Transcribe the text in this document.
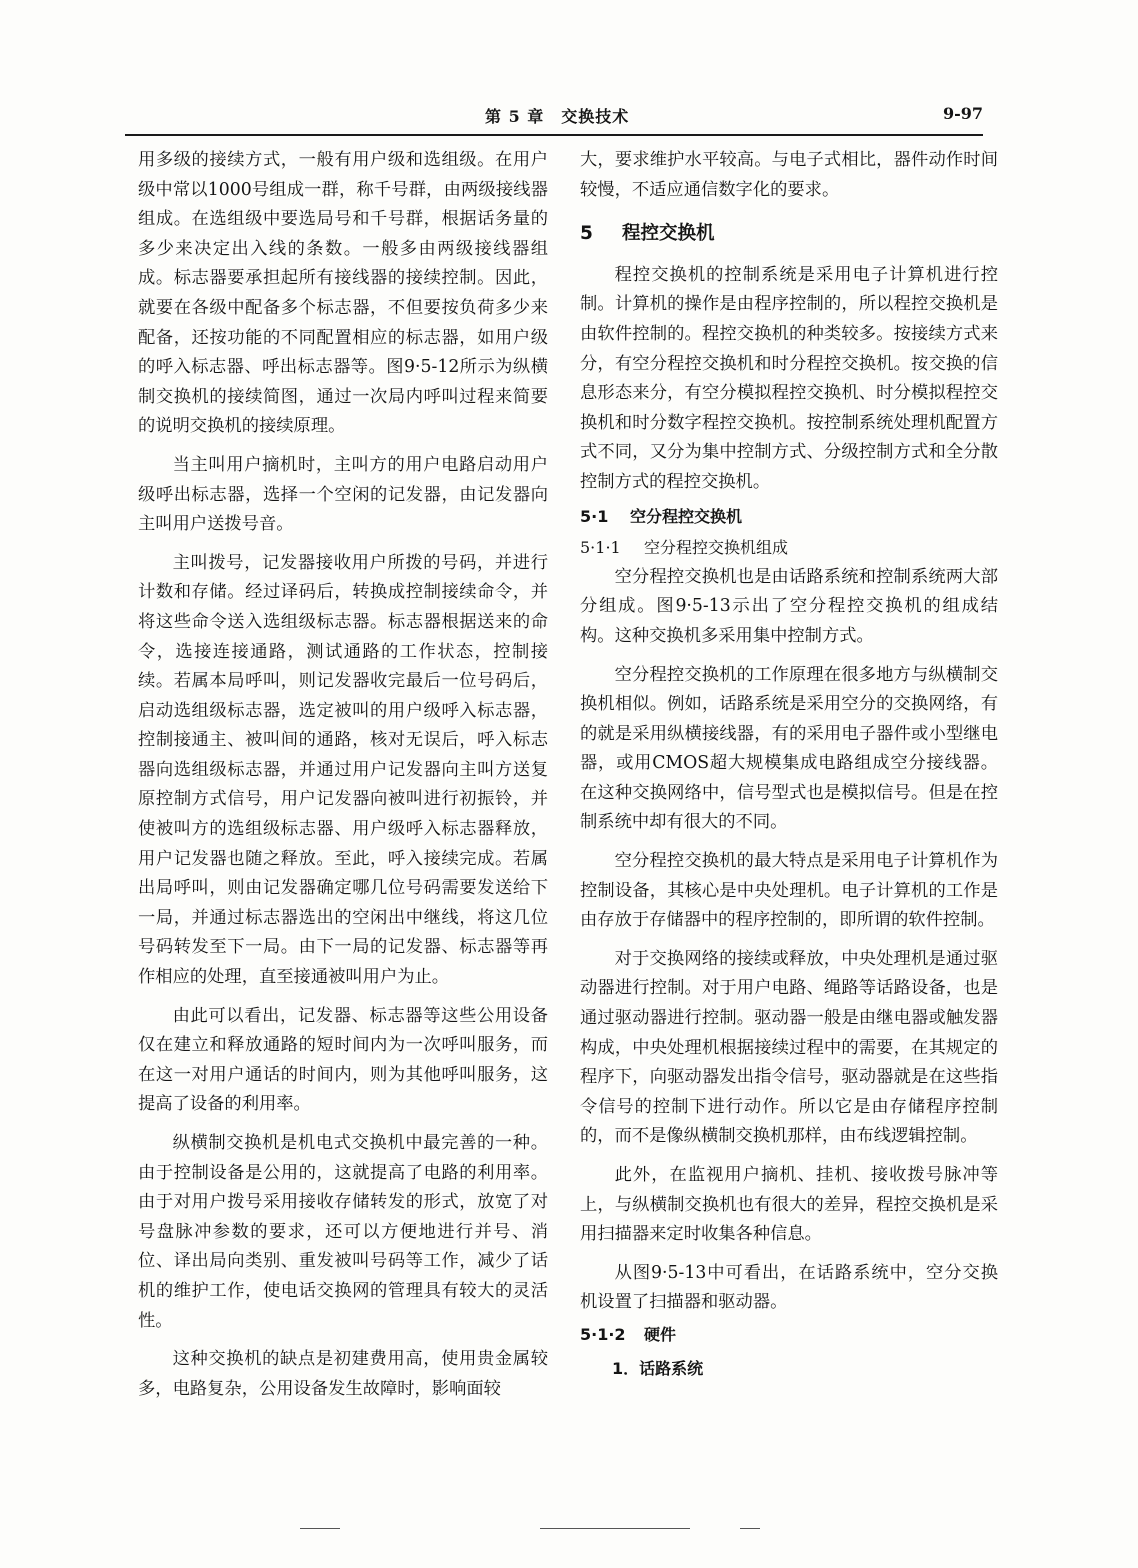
第 5 章　交换技术	9-97

用多级的接续方式，一般有用户级和选组级。在用户级中常以1000号组成一群，称千号群，由两级接线器组成。在选组级中要选局号和千号群，根据话务量的多少来决定出入线的条数。一般多由两级接线器组成。标志器要承担起所有接线器的接续控制。因此，就要在各级中配备多个标志器，不但要按负荷多少来配备，还按功能的不同配置相应的标志器，如用户级的呼入标志器、呼出标志器等。图9·5-12所示为纵横制交换机的接续简图，通过一次局内呼叫过程来简要的说明交换机的接续原理。

当主叫用户摘机时，主叫方的用户电路启动用户级呼出标志器，选择一个空闲的记发器，由记发器向主叫用户送拨号音。

主叫拨号，记发器接收用户所拨的号码，并进行计数和存储。经过译码后，转换成控制接续命令，并将这些命令送入选组级标志器。标志器根据送来的命令，选接连接通路，测试通路的工作状态，控制接续。若属本局呼叫，则记发器收完最后一位号码后，启动选组级标志器，选定被叫的用户级呼入标志器，控制接通主、被叫间的通路，核对无误后，呼入标志器向选组级标志器，并通过用户记发器向主叫方送复原控制方式信号，用户记发器向被叫进行初振铃，并使被叫方的选组级标志器、用户级呼入标志器释放，用户记发器也随之释放。至此，呼入接续完成。若属出局呼叫，则由记发器确定哪几位号码需要发送给下一局，并通过标志器选出的空闲出中继线，将这几位号码转发至下一局。由下一局的记发器、标志器等再作相应的处理，直至接通被叫用户为止。

由此可以看出，记发器、标志器等这些公用设备仅在建立和释放通路的短时间内为一次呼叫服务，而在这一对用户通话的时间内，则为其他呼叫服务，这提高了设备的利用率。

纵横制交换机是机电式交换机中最完善的一种。由于控制设备是公用的，这就提高了电路的利用率。由于对用户拨号采用接收存储转发的形式，放宽了对号盘脉冲参数的要求，还可以方便地进行并号、消位、译出局向类别、重发被叫号码等工作，减少了话机的维护工作，使电话交换网的管理具有较大的灵活性。

这种交换机的缺点是初建费用高，使用贵金属较多，电路复杂，公用设备发生故障时，影响面较

大，要求维护水平较高。与电子式相比，器件动作时间较慢，不适应通信数字化的要求。

5 程控交换机

程控交换机的控制系统是采用电子计算机进行控制。计算机的操作是由程序控制的，所以程控交换机是由软件控制的。程控交换机的种类较多。按接续方式来分，有空分程控交换机和时分程控交换机。按交换的信息形态来分，有空分模拟程控交换机、时分模拟程控交换机和时分数字程控交换机。按控制系统处理机配置方式不同，又分为集中控制方式、分级控制方式和全分散控制方式的程控交换机。

5·1 空分程控交换机
5·1·1 空分程控交换机组成

空分程控交换机也是由话路系统和控制系统两大部分组成。图9·5-13示出了空分程控交换机的组成结构。这种交换机多采用集中控制方式。

空分程控交换机的工作原理在很多地方与纵横制交换机相似。例如，话路系统是采用空分的交换网络，有的就是采用纵横接线器，有的采用电子器件或小型继电器，或用CMOS超大规模集成电路组成空分接线器。在这种交换网络中，信号型式也是模拟信号。但是在控制系统中却有很大的不同。

空分程控交换机的最大特点是采用电子计算机作为控制设备，其核心是中央处理机。电子计算机的工作是由存放于存储器中的程序控制的，即所谓的软件控制。

对于交换网络的接续或释放，中央处理机是通过驱动器进行控制。对于用户电路、绳路等话路设备，也是通过驱动器进行控制。驱动器一般是由继电器或触发器构成，中央处理机根据接续过程中的需要，在其规定的程序下，向驱动器发出指令信号，驱动器就是在这些指令信号的控制下进行动作。所以它是由存储程序控制的，而不是像纵横制交换机那样，由布线逻辑控制。

此外，在监视用户摘机、挂机、接收拨号脉冲等上，与纵横制交换机也有很大的差异，程控交换机是采用扫描器来定时收集各种信息。

从图9·5-13中可看出，在话路系统中，空分交换机设置了扫描器和驱动器。

5·1·2 硬件
1．话路系统
